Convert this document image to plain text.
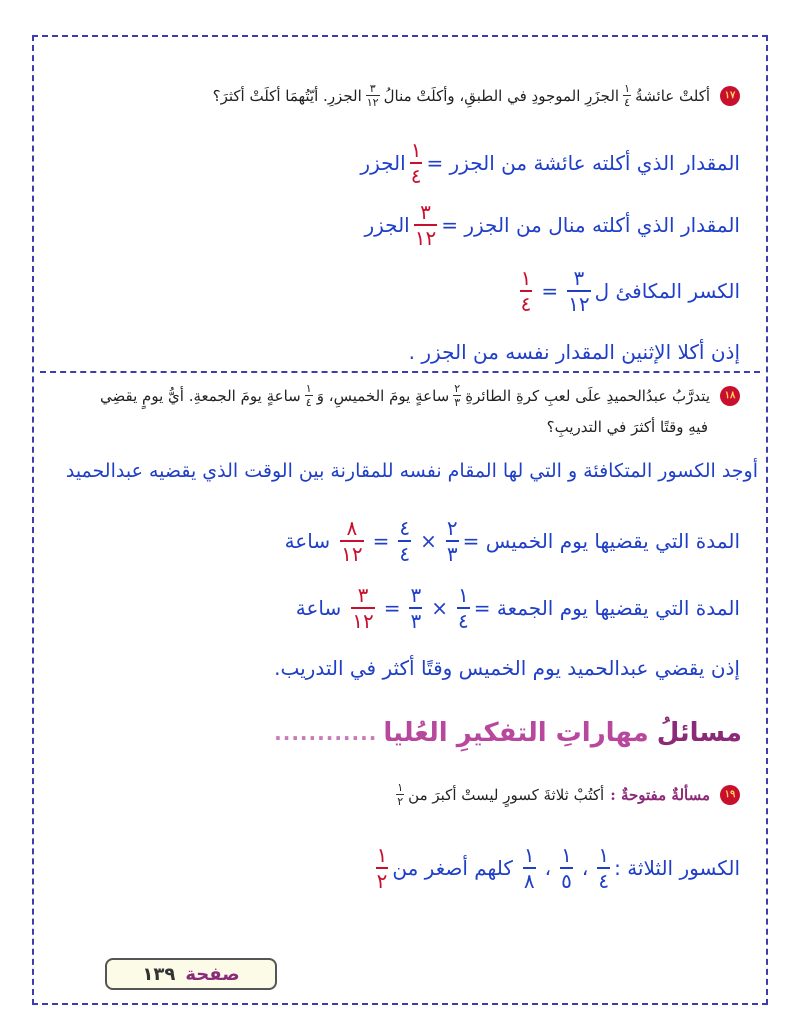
١٧
أكلتْ عائشةُ
$\frac{١}{٤}$
الجزَرِ الموجودِ في الطبقِ، وأكلَتْ منالُ
$\frac{٣}{١٢}$
الجزرِ. أيّتُهمَا أكلَتْ أكثرَ؟
المقدار الذي أكلته عائشة من الجزر =
$\frac{١}{٤}$
الجزر
المقدار الذي أكلته منال من الجزر =
$\frac{٣}{١٢}$
الجزر
الكسر المكافئ ل
$\frac{٣}{١٢}$
=
$\frac{١}{٤}$
إذن أكلا الإثنين المقدار نفسه من الجزر .
١٨
يتدرَّبُ عبدُالحميدِ علَى لعبِ كرةِ الطائرةِ
$\frac{٢}{٣}$
ساعةٍ يومَ الخميسِ، وَ
$\frac{١}{٤}$
ساعةٍ يومَ الجمعةِ. أيُّ يومٍ يقضِي
فيهِ وقتًا أكثرَ في التدريبِ؟
أوجد الكسور المتكافئة و التي لها المقام نفسه للمقارنة بين الوقت الذي يقضيه عبدالحميد
المدة التي يقضيها يوم الخميس =
$\frac{٢}{٣}$
×
$\frac{٤}{٤}$
=
$\frac{٨}{١٢}$
ساعة
المدة التي يقضيها يوم الجمعة =
$\frac{١}{٤}$
×
$\frac{٣}{٣}$
=
$\frac{٣}{١٢}$
ساعة
إذن يقضي عبدالحميد يوم الخميس وقتًا أكثر في التدريب.
مسائلُ
مهاراتِ التفكيرِ العُليا
............
١٩
مسألةٌ مفتوحةٌ :
أكتُبْ ثلاثةَ كسورٍ ليستْ أكبرَ من
$\frac{١}{٢}$
الكسور الثلاثة :
$\frac{١}{٤}$
،
$\frac{١}{٥}$
،
$\frac{١}{٨}$
كلهم أصغر من
$\frac{١}{٢}$
صفحة
١٣٩
